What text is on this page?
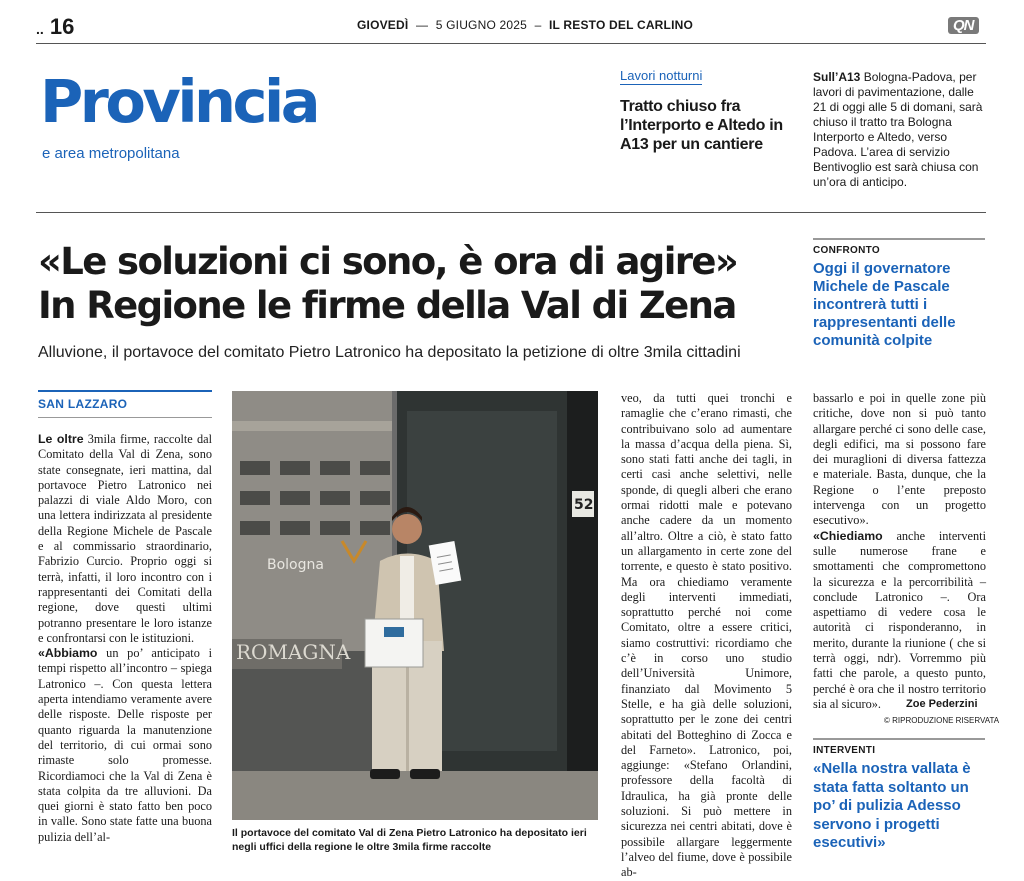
.. 16	GIOVEDÌ — 5 GIUGNO 2025 – IL RESTO DEL CARLINO	QN
Provincia
e area metropolitana
Lavori notturni
Tratto chiuso fra l’Interporto e Altedo in A13 per un cantiere
Sull’A13 Bologna-Padova, per lavori di pavimentazione, dalle 21 di oggi alle 5 di domani, sarà chiuso il tratto tra Bologna Interporto e Altedo, verso Padova. L’area di servizio Bentivoglio est sarà chiusa con un’ora di anticipo.
«Le soluzioni ci sono, è ora di agire»
In Regione le firme della Val di Zena
Alluvione, il portavoce del comitato Pietro Latronico ha depositato la petizione di oltre 3mila cittadini
CONFRONTO
Oggi il governatore Michele de Pascale incontrerà tutti i rappresentanti delle comunità colpite
SAN LAZZARO

Le oltre 3mila firme, raccolte dal Comitato della Val di Zena, sono state consegnate, ieri mattina, dal portavoce Pietro Latronico nei palazzi di viale Aldo Moro, con una lettera indirizzata al presidente della Regione Michele de Pascale e al commissario straordinario, Fabrizio Curcio. Proprio oggi si terrà, infatti, il loro incontro con i rappresentanti dei Comitati della regione, dove questi ultimi potranno presentare le loro istanze e confrontarsi con le istituzioni.

«Abbiamo un po’ anticipato i tempi rispetto all’incontro – spiega Latronico –. Con questa lettera aperta intendiamo veramente avere delle risposte. Delle risposte per quanto riguarda la manutenzione del territorio, di cui ormai sono rimaste solo promesse. Ricordiamoci che la Val di Zena è stata colpita da tre alluvioni. Da quei giorni è stato fatto ben poco in valle. Sono state fatte una buona pulizia dell’al-

Bologna
52
ROMAGNA
Il portavoce del comitato Val di Zena Pietro Latronico ha depositato ieri negli uffici della regione le oltre 3mila firme raccolte

veo, da tutti quei tronchi e ramaglie che c’erano rimasti, che contribuivano solo ad aumentare la massa d’acqua della piena. Sì, sono stati fatti anche dei tagli, in certi casi anche selettivi, nelle sponde, di quegli alberi che erano ormai ridotti male e potevano anche cadere da un momento all’altro. Oltre a ciò, è stato fatto un allargamento in certe zone del torrente, e questo è stato positivo. Ma ora chiediamo veramente degli interventi immediati, soprattutto perché noi come Comitato, oltre a essere critici, siamo costruttivi: ricordiamo che c’è in corso uno studio dell’Università Unimore, finanziato dal Movimento 5 Stelle, e ha già delle soluzioni, soprattutto per le zone dei centri abitati del Botteghino di Zocca e del Farneto». Latronico, poi, aggiunge: «Stefano Orlandini, professore della facoltà di Idraulica, ha già pronte delle soluzioni. Si può mettere in sicurezza nei centri abitati, dove è possibile allargare leggermente l’alveo del fiume, dove è possibile ab-

bassarlo e poi in quelle zone più critiche, dove non si può tanto allargare perché ci sono delle case, degli edifici, ma si possono fare dei muraglioni di diversa fattezza e materiale. Basta, dunque, che la Regione o l’ente preposto intervenga con un progetto esecutivo».

«Chiediamo anche interventi sulle numerose frane e smottamenti che compromettono la sicurezza e la percorribilità – conclude Latronico –. Ora aspettiamo di vedere cosa le autorità ci risponderanno, in merito, durante la riunione ( che si terrà oggi, ndr). Vorremmo più fatti che parole, a questo punto, perché è ora che il nostro territorio sia al sicuro».	Zoe Pederzini
© RIPRODUZIONE RISERVATA
INTERVENTI
«Nella nostra vallata è stata fatta soltanto un po’ di pulizia Adesso servono i progetti esecutivi»
